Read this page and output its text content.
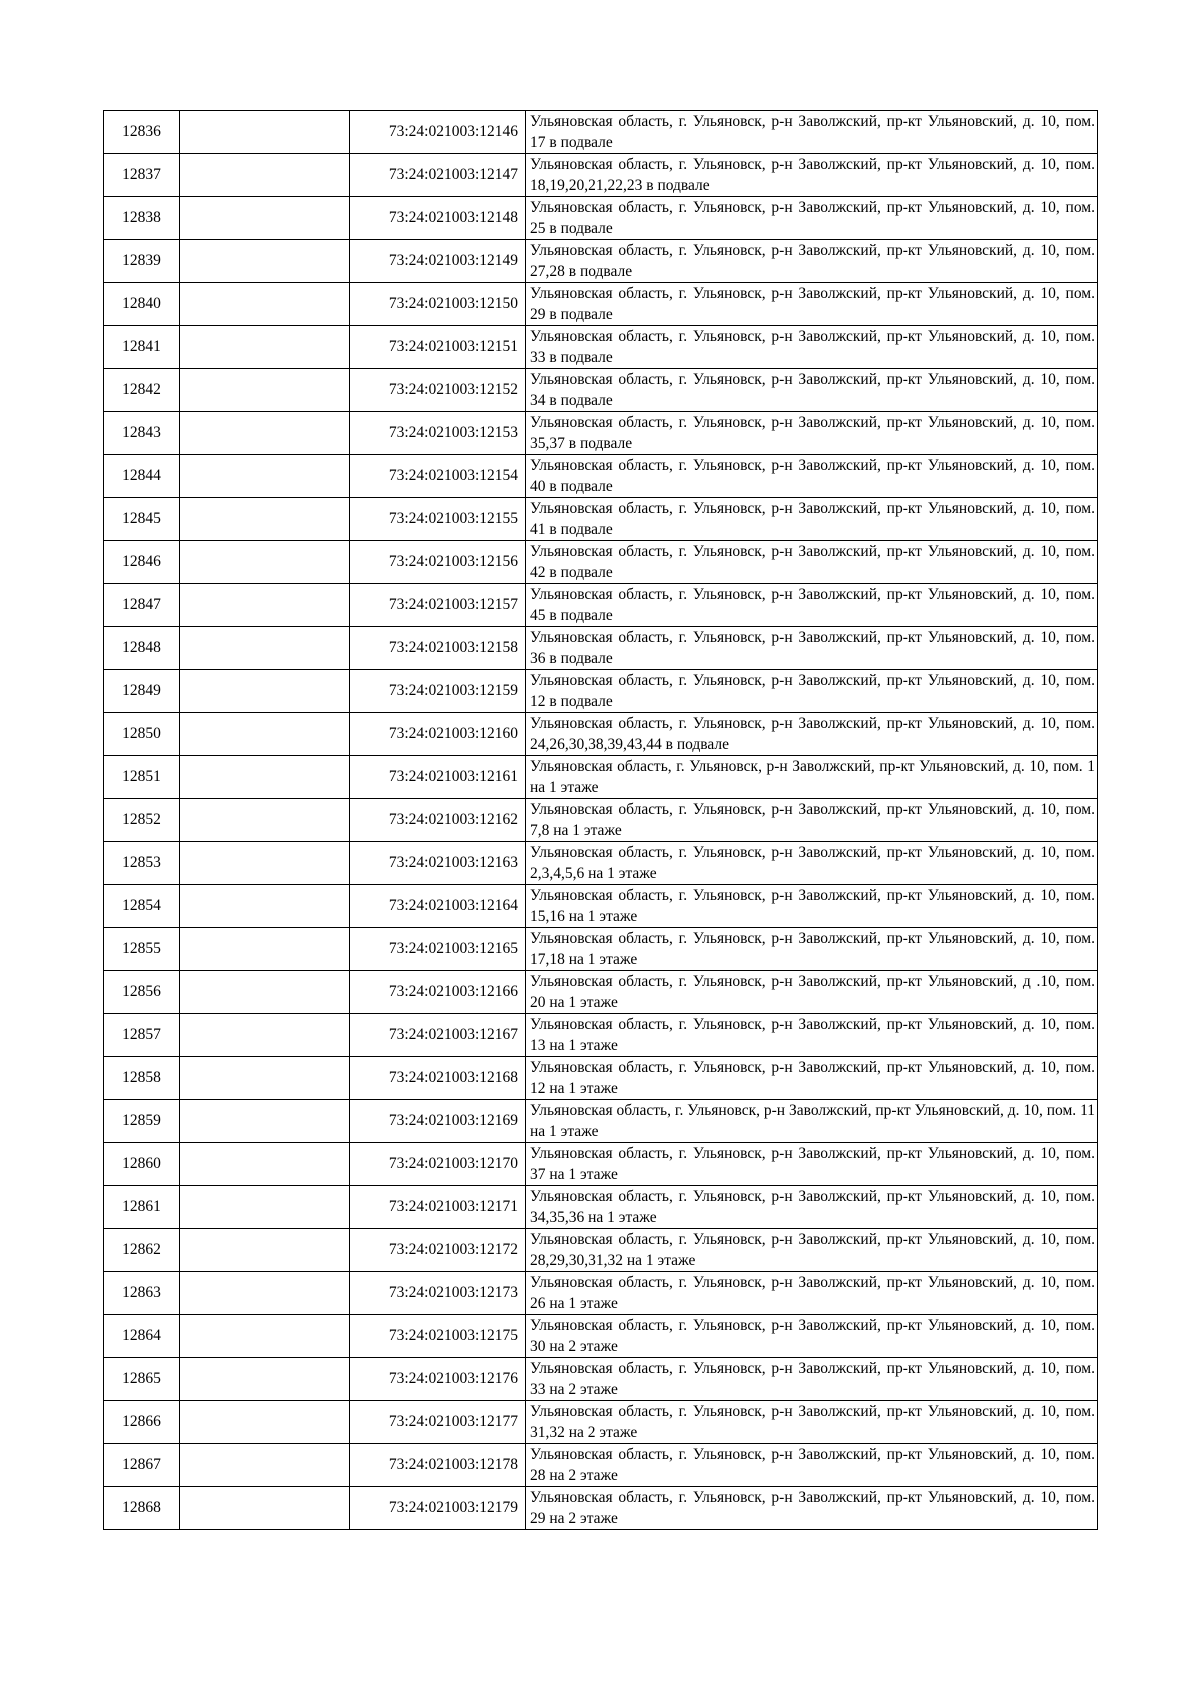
12836		73:24:021003:12146	Ульяновская область, г. Ульяновск, р-н Заволжский, пр-кт Ульяновский, д. 10, пом. 17 в подвале
12837		73:24:021003:12147	Ульяновская область, г. Ульяновск, р-н Заволжский, пр-кт Ульяновский, д. 10, пом. 18,19,20,21,22,23 в подвале
12838		73:24:021003:12148	Ульяновская область, г. Ульяновск, р-н Заволжский, пр-кт Ульяновский, д. 10, пом. 25 в подвале
12839		73:24:021003:12149	Ульяновская область, г. Ульяновск, р-н Заволжский, пр-кт Ульяновский, д. 10, пом. 27,28 в подвале
12840		73:24:021003:12150	Ульяновская область, г. Ульяновск, р-н Заволжский, пр-кт Ульяновский, д. 10, пом. 29 в подвале
12841		73:24:021003:12151	Ульяновская область, г. Ульяновск, р-н Заволжский, пр-кт Ульяновский, д. 10, пом. 33 в подвале
12842		73:24:021003:12152	Ульяновская область, г. Ульяновск, р-н Заволжский, пр-кт Ульяновский, д. 10, пом. 34 в подвале
12843		73:24:021003:12153	Ульяновская область, г. Ульяновск, р-н Заволжский, пр-кт Ульяновский, д. 10, пом. 35,37 в подвале
12844		73:24:021003:12154	Ульяновская область, г. Ульяновск, р-н Заволжский, пр-кт Ульяновский, д. 10, пом. 40 в подвале
12845		73:24:021003:12155	Ульяновская область, г. Ульяновск, р-н Заволжский, пр-кт Ульяновский, д. 10, пом. 41 в подвале
12846		73:24:021003:12156	Ульяновская область, г. Ульяновск, р-н Заволжский, пр-кт Ульяновский, д. 10, пом. 42 в подвале
12847		73:24:021003:12157	Ульяновская область, г. Ульяновск, р-н Заволжский, пр-кт Ульяновский, д. 10, пом. 45 в подвале
12848		73:24:021003:12158	Ульяновская область, г. Ульяновск, р-н Заволжский, пр-кт Ульяновский, д. 10, пом. 36 в подвале
12849		73:24:021003:12159	Ульяновская область, г. Ульяновск, р-н Заволжский, пр-кт Ульяновский, д. 10, пом. 12 в подвале
12850		73:24:021003:12160	Ульяновская область, г. Ульяновск, р-н Заволжский, пр-кт Ульяновский, д. 10, пом. 24,26,30,38,39,43,44 в подвале
12851		73:24:021003:12161	Ульяновская область, г. Ульяновск, р-н Заволжский, пр-кт Ульяновский, д. 10, пом. 1 на 1 этаже
12852		73:24:021003:12162	Ульяновская область, г. Ульяновск, р-н Заволжский, пр-кт Ульяновский, д. 10, пом. 7,8 на 1 этаже
12853		73:24:021003:12163	Ульяновская область, г. Ульяновск, р-н Заволжский, пр-кт Ульяновский, д. 10, пом. 2,3,4,5,6 на 1 этаже
12854		73:24:021003:12164	Ульяновская область, г. Ульяновск, р-н Заволжский, пр-кт Ульяновский, д. 10, пом. 15,16 на 1 этаже
12855		73:24:021003:12165	Ульяновская область, г. Ульяновск, р-н Заволжский, пр-кт Ульяновский, д. 10, пом. 17,18 на 1 этаже
12856		73:24:021003:12166	Ульяновская область, г. Ульяновск, р-н Заволжский, пр-кт Ульяновский, д .10, пом. 20 на 1 этаже
12857		73:24:021003:12167	Ульяновская область, г. Ульяновск, р-н Заволжский, пр-кт Ульяновский, д. 10, пом. 13 на 1 этаже
12858		73:24:021003:12168	Ульяновская область, г. Ульяновск, р-н Заволжский, пр-кт Ульяновский, д. 10, пом. 12 на 1 этаже
12859		73:24:021003:12169	Ульяновская область, г. Ульяновск, р-н Заволжский, пр-кт Ульяновский, д. 10, пом. 11 на 1 этаже
12860		73:24:021003:12170	Ульяновская область, г. Ульяновск, р-н Заволжский, пр-кт Ульяновский, д. 10, пом. 37 на 1 этаже
12861		73:24:021003:12171	Ульяновская область, г. Ульяновск, р-н Заволжский, пр-кт Ульяновский, д. 10, пом. 34,35,36 на 1 этаже
12862		73:24:021003:12172	Ульяновская область, г. Ульяновск, р-н Заволжский, пр-кт Ульяновский, д. 10, пом. 28,29,30,31,32 на 1 этаже
12863		73:24:021003:12173	Ульяновская область, г. Ульяновск, р-н Заволжский, пр-кт Ульяновский, д. 10, пом. 26 на 1 этаже
12864		73:24:021003:12175	Ульяновская область, г. Ульяновск, р-н Заволжский, пр-кт Ульяновский, д. 10, пом. 30 на 2 этаже
12865		73:24:021003:12176	Ульяновская область, г. Ульяновск, р-н Заволжский, пр-кт Ульяновский, д. 10, пом. 33 на 2 этаже
12866		73:24:021003:12177	Ульяновская область, г. Ульяновск, р-н Заволжский, пр-кт Ульяновский, д. 10, пом. 31,32 на 2 этаже
12867		73:24:021003:12178	Ульяновская область, г. Ульяновск, р-н Заволжский, пр-кт Ульяновский, д. 10, пом. 28 на 2 этаже
12868		73:24:021003:12179	Ульяновская область, г. Ульяновск, р-н Заволжский, пр-кт Ульяновский, д. 10, пом. 29 на 2 этаже
